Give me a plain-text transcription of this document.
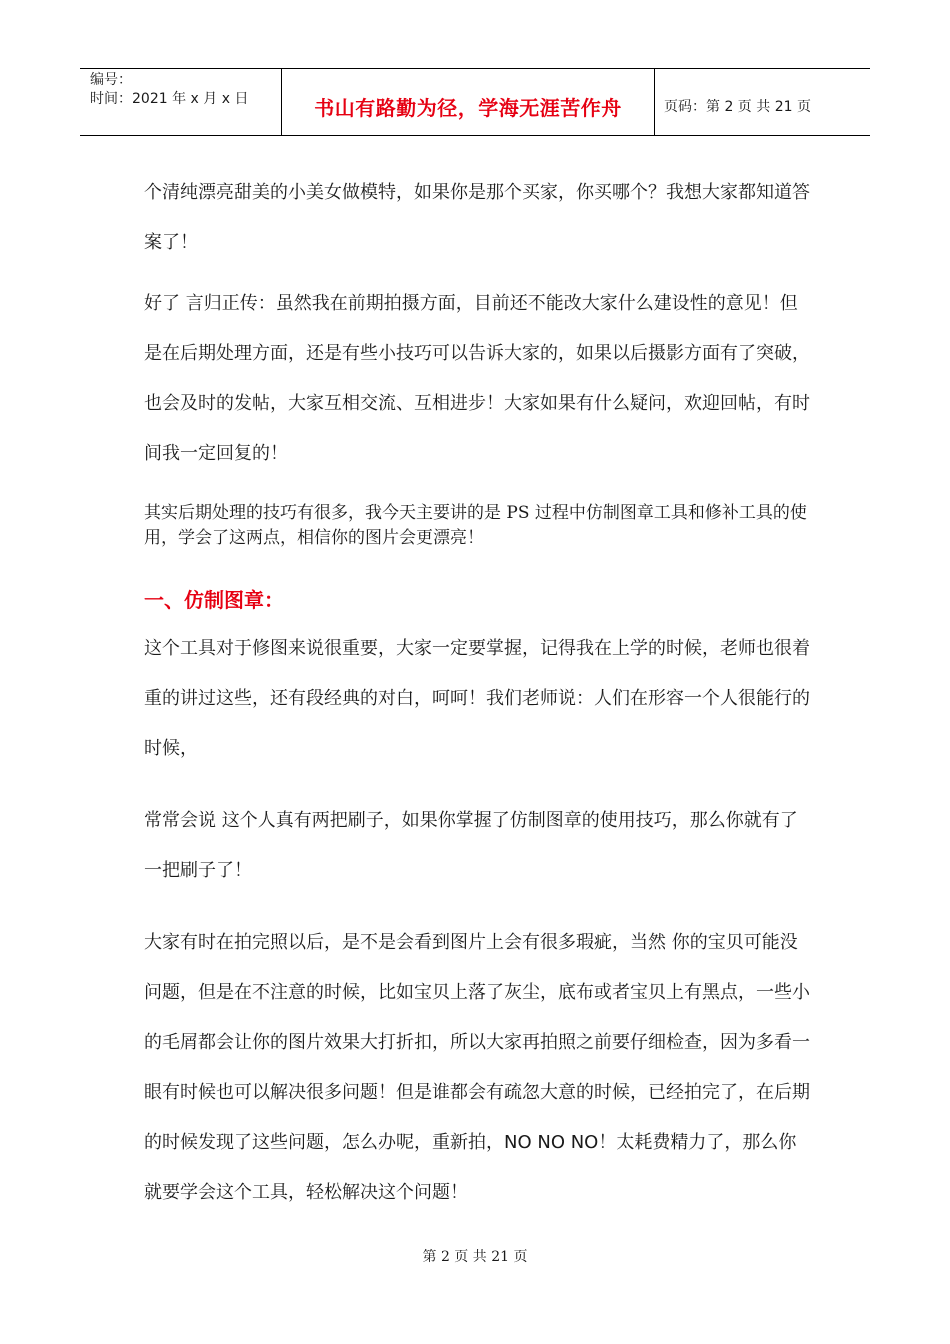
编号：
时间：2021 年 x 月 x 日	书山有路勤为径，学海无涯苦作舟	页码：第 2 页 共 21 页
个清纯漂亮甜美的小美女做模特，如果你是那个买家，你买哪个？我想大家都知道答案了！
好了 言归正传：虽然我在前期拍摄方面，目前还不能改大家什么建设性的意见！但是在后期处理方面，还是有些小技巧可以告诉大家的，如果以后摄影方面有了突破，也会及时的发帖，大家互相交流、互相进步！大家如果有什么疑问，欢迎回帖，有时间我一定回复的！
其实后期处理的技巧有很多，我今天主要讲的是 PS 过程中仿制图章工具和修补工具的使用，学会了这两点，相信你的图片会更漂亮！
一、仿制图章：
这个工具对于修图来说很重要，大家一定要掌握，记得我在上学的时候，老师也很着重的讲过这些，还有段经典的对白，呵呵！我们老师说：人们在形容一个人很能行的时候，
常常会说 这个人真有两把刷子，如果你掌握了仿制图章的使用技巧，那么你就有了一把刷子了！
大家有时在拍完照以后，是不是会看到图片上会有很多瑕疵，当然 你的宝贝可能没问题，但是在不注意的时候，比如宝贝上落了灰尘，底布或者宝贝上有黑点，一些小的毛屑都会让你的图片效果大打折扣，所以大家再拍照之前要仔细检查，因为多看一眼有时候也可以解决很多问题！但是谁都会有疏忽大意的时候，已经拍完了，在后期的时候发现了这些问题，怎么办呢，重新拍，NO NO NO！太耗费精力了，那么你就要学会这个工具，轻松解决这个问题！
第 2 页 共 21 页
